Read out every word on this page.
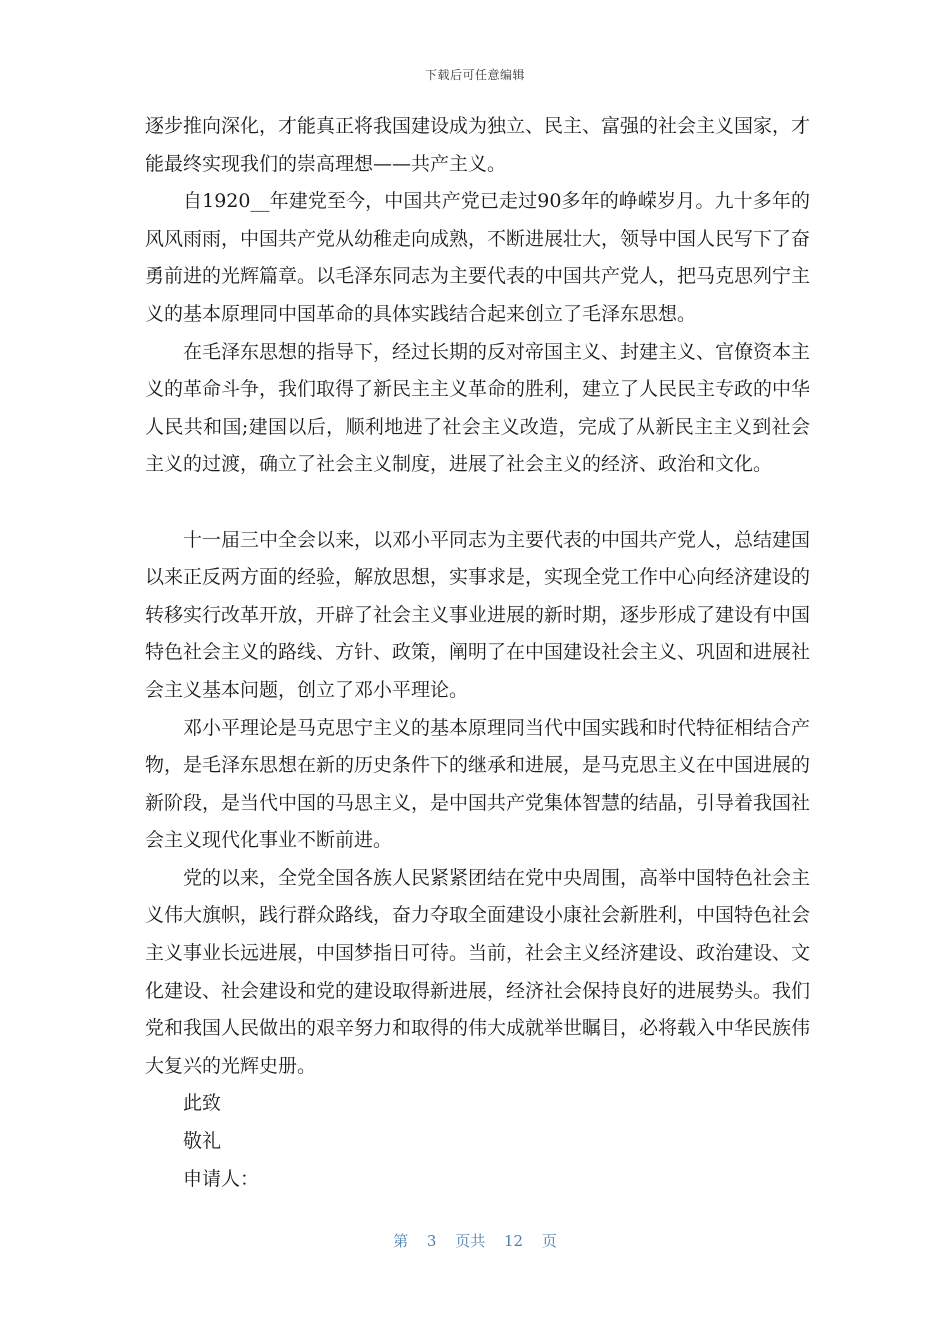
下载后可任意编辑

逐步推向深化，才能真正将我国建设成为独立、民主、富强的社会主义国家，才能最终实现我们的崇高理想——共产主义。

自1920__年建党至今，中国共产党已走过90多年的峥嵘岁月。九十多年的风风雨雨，中国共产党从幼稚走向成熟，不断进展壮大，领导中国人民写下了奋勇前进的光辉篇章。以毛泽东同志为主要代表的中国共产党人，把马克思列宁主义的基本原理同中国革命的具体实践结合起来创立了毛泽东思想。

在毛泽东思想的指导下，经过长期的反对帝国主义、封建主义、官僚资本主义的革命斗争，我们取得了新民主主义革命的胜利，建立了人民民主专政的中华人民共和国;建国以后，顺利地进了社会主义改造，完成了从新民主主义到社会主义的过渡，确立了社会主义制度，进展了社会主义的经济、政治和文化。

十一届三中全会以来，以邓小平同志为主要代表的中国共产党人，总结建国以来正反两方面的经验，解放思想，实事求是，实现全党工作中心向经济建设的转移实行改革开放，开辟了社会主义事业进展的新时期，逐步形成了建设有中国特色社会主义的路线、方针、政策，阐明了在中国建设社会主义、巩固和进展社会主义基本问题，创立了邓小平理论。

邓小平理论是马克思宁主义的基本原理同当代中国实践和时代特征相结合产物，是毛泽东思想在新的历史条件下的继承和进展，是马克思主义在中国进展的新阶段，是当代中国的马思主义，是中国共产党集体智慧的结晶，引导着我国社会主义现代化事业不断前进。

党的以来，全党全国各族人民紧紧团结在党中央周围，高举中国特色社会主义伟大旗帜，践行群众路线，奋力夺取全面建设小康社会新胜利，中国特色社会主义事业长远进展，中国梦指日可待。当前，社会主义经济建设、政治建设、文化建设、社会建设和党的建设取得新进展，经济社会保持良好的进展势头。我们党和我国人民做出的艰辛努力和取得的伟大成就举世瞩目，必将载入中华民族伟大复兴的光辉史册。

此致

敬礼

申请人：

第 3 页共 12 页
